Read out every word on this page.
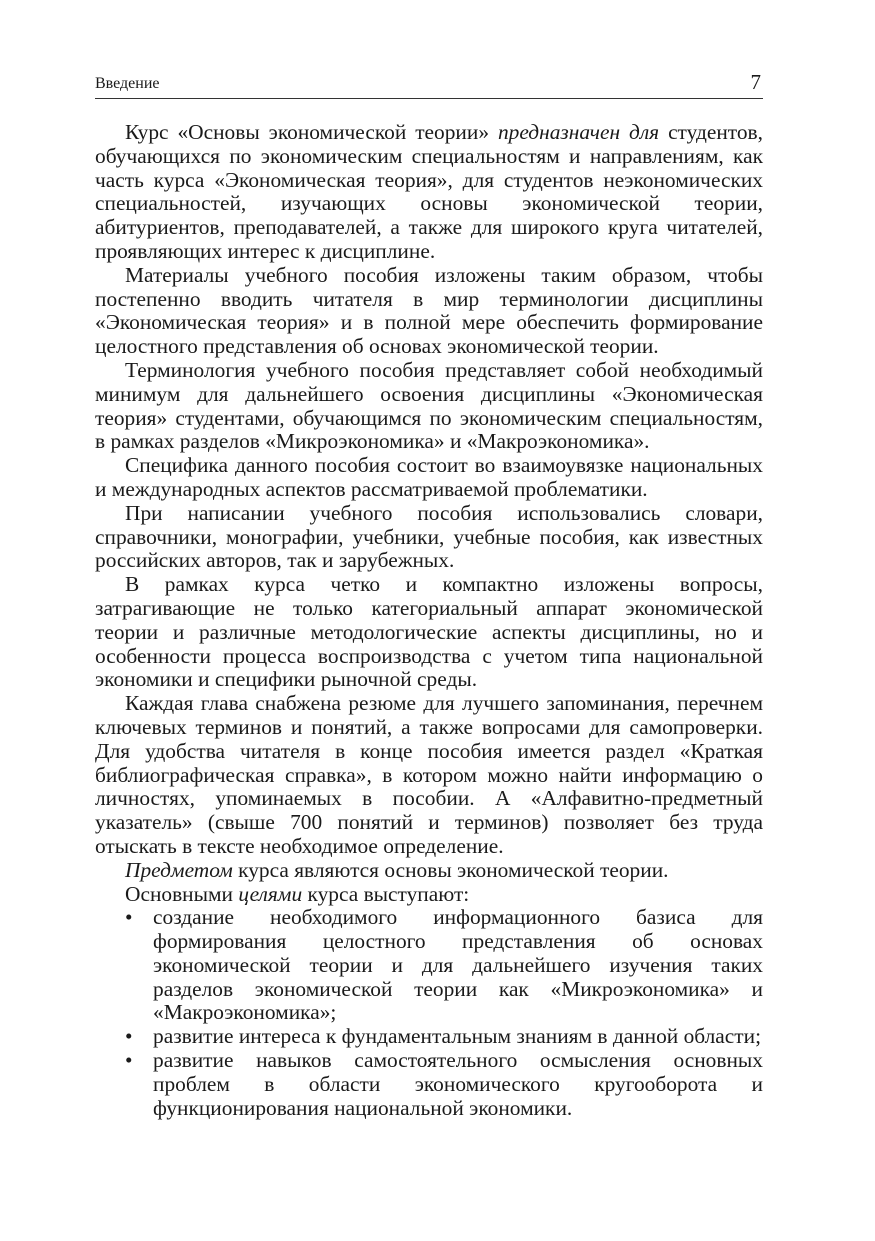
Введение	7

Курс «Основы экономической теории» предназначен для студентов, обучающихся по экономическим специальностям и направлениям, как часть курса «Экономическая теория», для студентов неэкономических специальностей, изучающих основы экономической теории, абитуриентов, преподавателей, а также для широкого круга читателей, проявляющих интерес к дисциплине.

Материалы учебного пособия изложены таким образом, чтобы постепенно вводить читателя в мир терминологии дисциплины «Экономическая теория» и в полной мере обеспечить формирование целостного представления об основах экономической теории.

Терминология учебного пособия представляет собой необходимый минимум для дальнейшего освоения дисциплины «Экономическая теория» студентами, обучающимся по экономическим специальностям, в рамках разделов «Микроэкономика» и «Макроэкономика».

Специфика данного пособия состоит во взаимоувязке национальных и международных аспектов рассматриваемой проблематики.

При написании учебного пособия использовались словари, справочники, монографии, учебники, учебные пособия, как известных российских авторов, так и зарубежных.

В рамках курса четко и компактно изложены вопросы, затрагивающие не только категориальный аппарат экономической теории и различные методологические аспекты дисциплины, но и особенности процесса воспроизводства с учетом типа национальной экономики и специфики рыночной среды.

Каждая глава снабжена резюме для лучшего запоминания, перечнем ключевых терминов и понятий, а также вопросами для самопроверки. Для удобства читателя в конце пособия имеется раздел «Краткая библиографическая справка», в котором можно найти информацию о личностях, упоминаемых в пособии. А «Алфавитно-предметный указатель» (свыше 700 понятий и терминов) позволяет без труда отыскать в тексте необходимое определение.

Предметом курса являются основы экономической теории.

Основными целями курса выступают:

• создание необходимого информационного базиса для формирования целостного представления об основах экономической теории и для дальнейшего изучения таких разделов экономической теории как «Микроэкономика» и «Макроэкономика»;
• развитие интереса к фундаментальным знаниям в данной области;
• развитие навыков самостоятельного осмысления основных проблем в области экономического кругооборота и функционирования национальной экономики.
